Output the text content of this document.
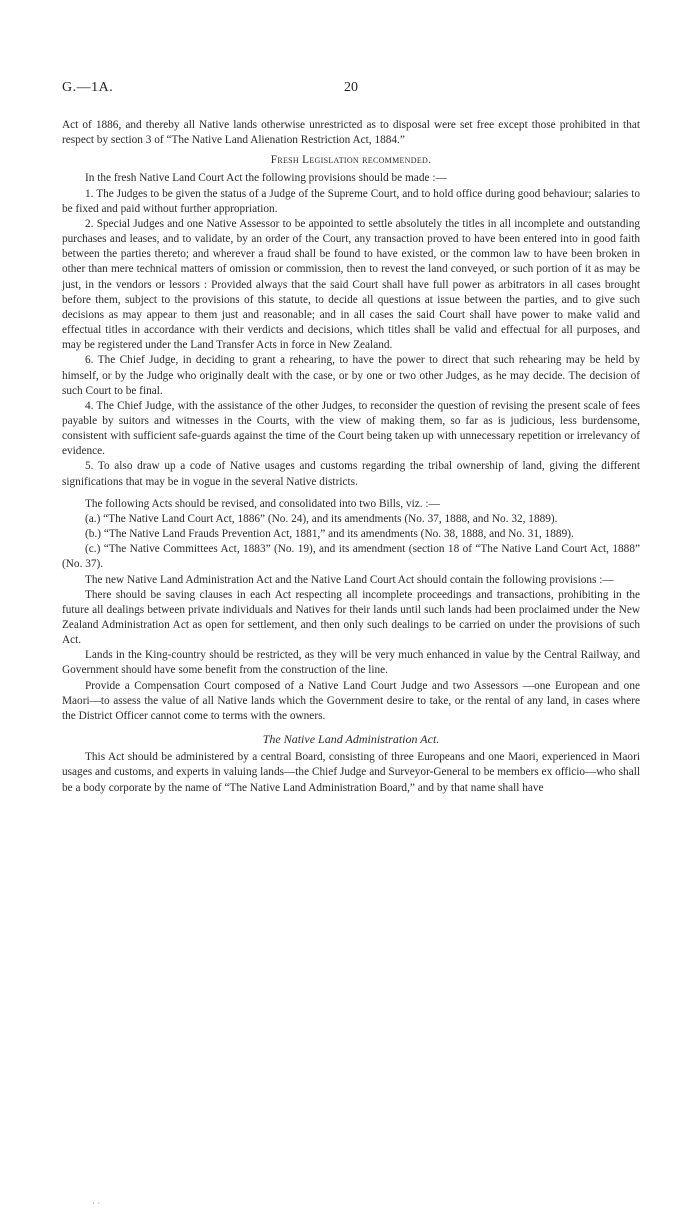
G.—1A.	20

Act of 1886, and thereby all Native lands otherwise unrestricted as to disposal were set free except those prohibited in that respect by section 3 of “The Native Land Alienation Restriction Act, 1884.”

Fresh Legislation recommended.

In the fresh Native Land Court Act the following provisions should be made :—

1. The Judges to be given the status of a Judge of the Supreme Court, and to hold office during good behaviour; salaries to be fixed and paid without further appropriation.

2. Special Judges and one Native Assessor to be appointed to settle absolutely the titles in all incomplete and outstanding purchases and leases, and to validate, by an order of the Court, any transaction proved to have been entered into in good faith between the parties thereto; and wherever a fraud shall be found to have existed, or the common law to have been broken in other than mere technical matters of omission or commission, then to revest the land conveyed, or such portion of it as may be just, in the vendors or lessors : Provided always that the said Court shall have full power as arbitrators in all cases brought before them, subject to the provisions of this statute, to decide all questions at issue between the parties, and to give such decisions as may appear to them just and reasonable; and in all cases the said Court shall have power to make valid and effectual titles in accordance with their verdicts and decisions, which titles shall be valid and effectual for all purposes, and may be registered under the Land Transfer Acts in force in New Zealand.

6. The Chief Judge, in deciding to grant a rehearing, to have the power to direct that such rehearing may be held by himself, or by the Judge who originally dealt with the case, or by one or two other Judges, as he may decide. The decision of such Court to be final.

4. The Chief Judge, with the assistance of the other Judges, to reconsider the question of revising the present scale of fees payable by suitors and witnesses in the Courts, with the view of making them, so far as is judicious, less burdensome, consistent with sufficient safe-guards against the time of the Court being taken up with unnecessary repetition or irrelevancy of evidence.

5. To also draw up a code of Native usages and customs regarding the tribal ownership of land, giving the different significations that may be in vogue in the several Native districts.

The following Acts should be revised, and consolidated into two Bills, viz. :—

(a.) “The Native Land Court Act, 1886” (No. 24), and its amendments (No. 37, 1888, and No. 32, 1889).

(b.) “The Native Land Frauds Prevention Act, 1881,” and its amendments (No. 38, 1888, and No. 31, 1889).

(c.) “The Native Committees Act, 1883” (No. 19), and its amendment (section 18 of “The Native Land Court Act, 1888” (No. 37).

The new Native Land Administration Act and the Native Land Court Act should contain the following provisions :—

There should be saving clauses in each Act respecting all incomplete proceedings and transactions, prohibiting in the future all dealings between private individuals and Natives for their lands until such lands had been proclaimed under the New Zealand Administration Act as open for settlement, and then only such dealings to be carried on under the provisions of such Act.

Lands in the King-country should be restricted, as they will be very much enhanced in value by the Central Railway, and Government should have some benefit from the construction of the line.

Provide a Compensation Court composed of a Native Land Court Judge and two Assessors —one European and one Maori—to assess the value of all Native lands which the Government desire to take, or the rental of any land, in cases where the District Officer cannot come to terms with the owners.

The Native Land Administration Act.

This Act should be administered by a central Board, consisting of three Europeans and one Maori, experienced in Maori usages and customs, and experts in valuing lands—the Chief Judge and Surveyor-General to be members ex officio—who shall be a body corporate by the name of “The Native Land Administration Board,” and by that name shall have

· ·
